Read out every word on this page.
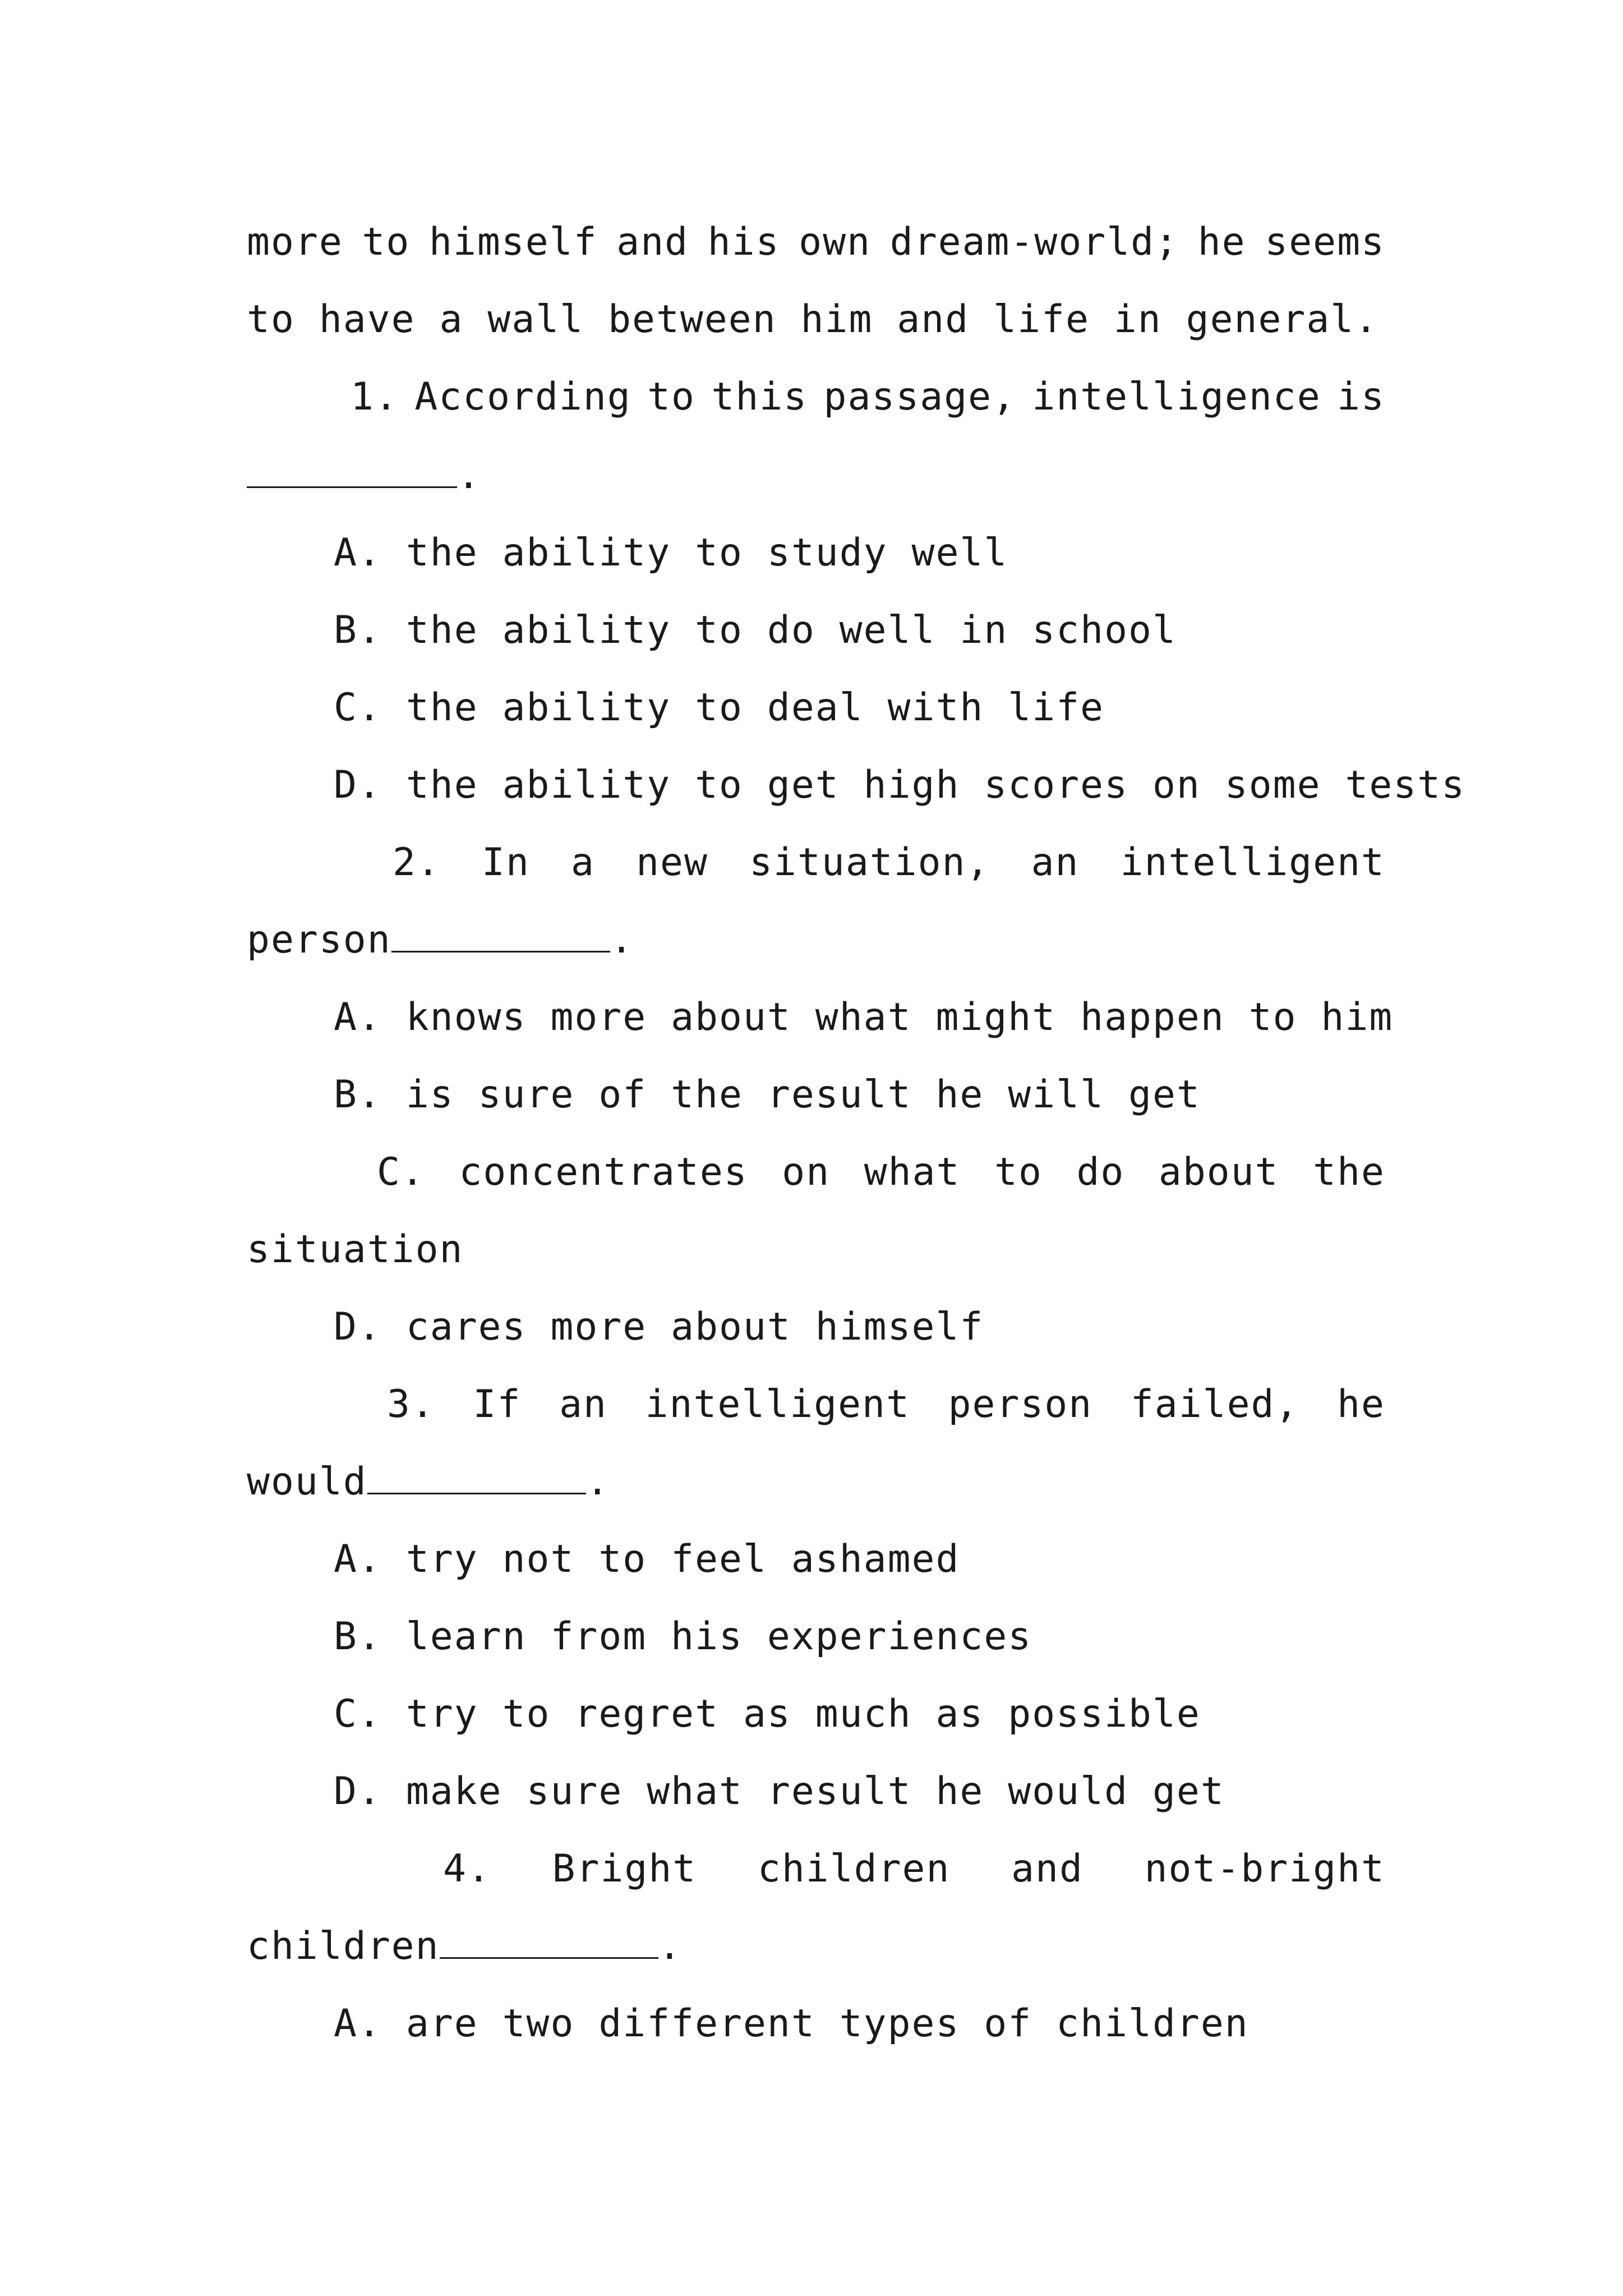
more to himself and his own dream-world; he seems
to have a wall between him and life in general.
1. According to this passage, intelligence is
.
A. the ability to study well
B. the ability to do well in school
C. the ability to deal with life
D. the ability to get high scores on some tests
2. In a new situation, an intelligent
person	.
A. knows more about what might happen to him
B. is sure of the result he will get
C. concentrates on what to do about the
situation
D. cares more about himself
3. If an intelligent person failed, he
would	.
A. try not to feel ashamed
B. learn from his experiences
C. try to regret as much as possible
D. make sure what result he would get
4. Bright children and not-bright
children	.
A. are two different types of children
